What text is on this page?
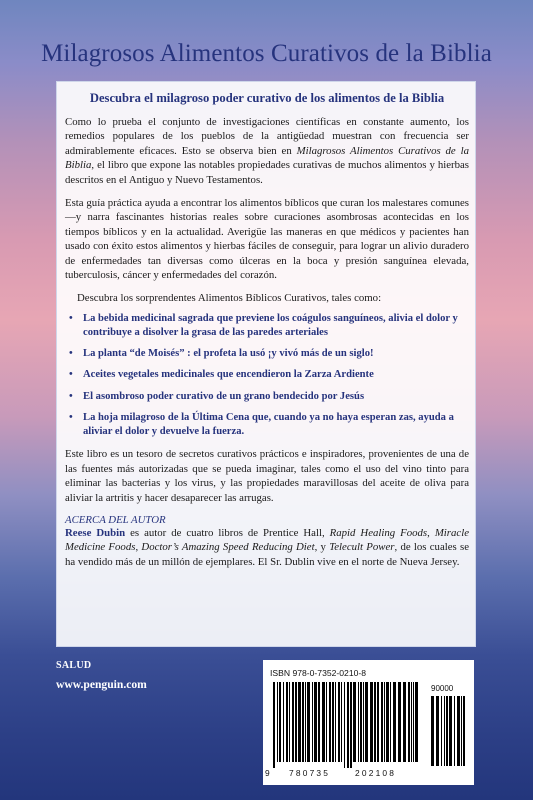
Milagrosos Alimentos Curativos de la Biblia
Descubra el milagroso poder curativo de los alimentos de la Biblia

Como lo prueba el conjunto de investigaciones científicas en constante aumento, los remedios populares de los pueblos de la antigüedad muestran con frecuencia ser admirablemente eficaces. Esto se observa bien en Milagrosos Alimentos Curativos de la Biblia, el libro que expone las notables propiedades curativas de muchos alimentos y hierbas descritos en el Antiguo y Nuevo Testamentos.

Esta guía práctica ayuda a encontrar los alimentos bíblicos que curan los malestares comunes—y narra fascinantes historias reales sobre curaciones asombrosas acontecidas en los tiempos bíblicos y en la actualidad. Averigüe las maneras en que médicos y pacientes han usado con éxito estos alimentos y hierbas fáciles de conseguir, para lograr un alivio duradero de enfermedades tan diversas como úlceras en la boca y presión sanguínea elevada, tuberculosis, cáncer y enfermedades del corazón.

Descubra los sorprendentes Alimentos Bíblicos Curativos, tales como:

• La bebida medicinal sagrada que previene los coágulos sanguíneos, alivia el dolor y contribuye a disolver la grasa de las paredes arteriales
• La planta “de Moisés” : el profeta la usó ¡y vivó más de un siglo!
• Aceites vegetales medicinales que encendieron la Zarza Ardiente
• El asombroso poder curativo de un grano bendecido por Jesús
• La hoja milagroso de la Última Cena que, cuando ya no haya esperan zas, ayuda a aliviar el dolor y devuelve la fuerza.

Este libro es un tesoro de secretos curativos prácticos e inspiradores, provenientes de una de las fuentes más autorizadas que se pueda imaginar, tales como el uso del vino tinto para eliminar las bacterias y los virus, y las propiedades maravillosas del aceite de oliva para aliviar la artritis y hacer desaparecer las arrugas.

ACERCA DEL AUTOR

Reese Dubin es autor de cuatro libros de Prentice Hall, Rapid Healing Foods, Miracle Medicine Foods, Doctor’s Amazing Speed Reducing Diet, y Telecult Power, de los cuales se ha vendido más de un millón de ejemplares. El Sr. Dublin vive en el norte de Nueva Jersey.

SALUD
www.penguin.com
ISBN 978-0-7352-0210-8
90000
9 780735	202108
